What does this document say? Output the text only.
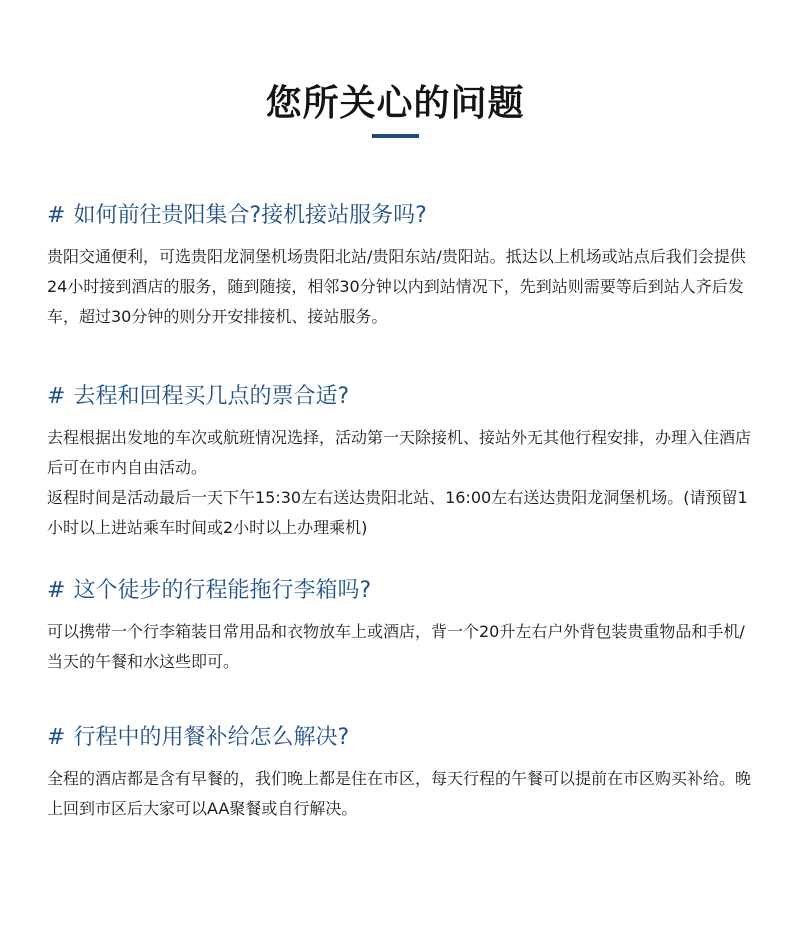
您所关心的问题
# 如何前往贵阳集合?接机接站服务吗?

贵阳交通便利，可选贵阳龙洞堡机场贵阳北站/贵阳东站/贵阳站。抵达以上机场或站点后我们会提供24小时接到酒店的服务，随到随接，相邻30分钟以内到站情况下，先到站则需要等后到站人齐后发车，超过30分钟的则分开安排接机、接站服务。

# 去程和回程买几点的票合适?

去程根据出发地的车次或航班情况选择，活动第一天除接机、接站外无其他行程安排，办理入住酒店后可在市内自由活动。

返程时间是活动最后一天下午15:30左右送达贵阳北站、16:00左右送达贵阳龙洞堡机场。(请预留1小时以上进站乘车时间或2小时以上办理乘机)

# 这个徒步的行程能拖行李箱吗?

可以携带一个行李箱装日常用品和衣物放车上或酒店，背一个20升左右户外背包装贵重物品和手机/当天的午餐和水这些即可。

# 行程中的用餐补给怎么解决?

全程的酒店都是含有早餐的，我们晚上都是住在市区，每天行程的午餐可以提前在市区购买补给。晚上回到市区后大家可以AA聚餐或自行解决。
